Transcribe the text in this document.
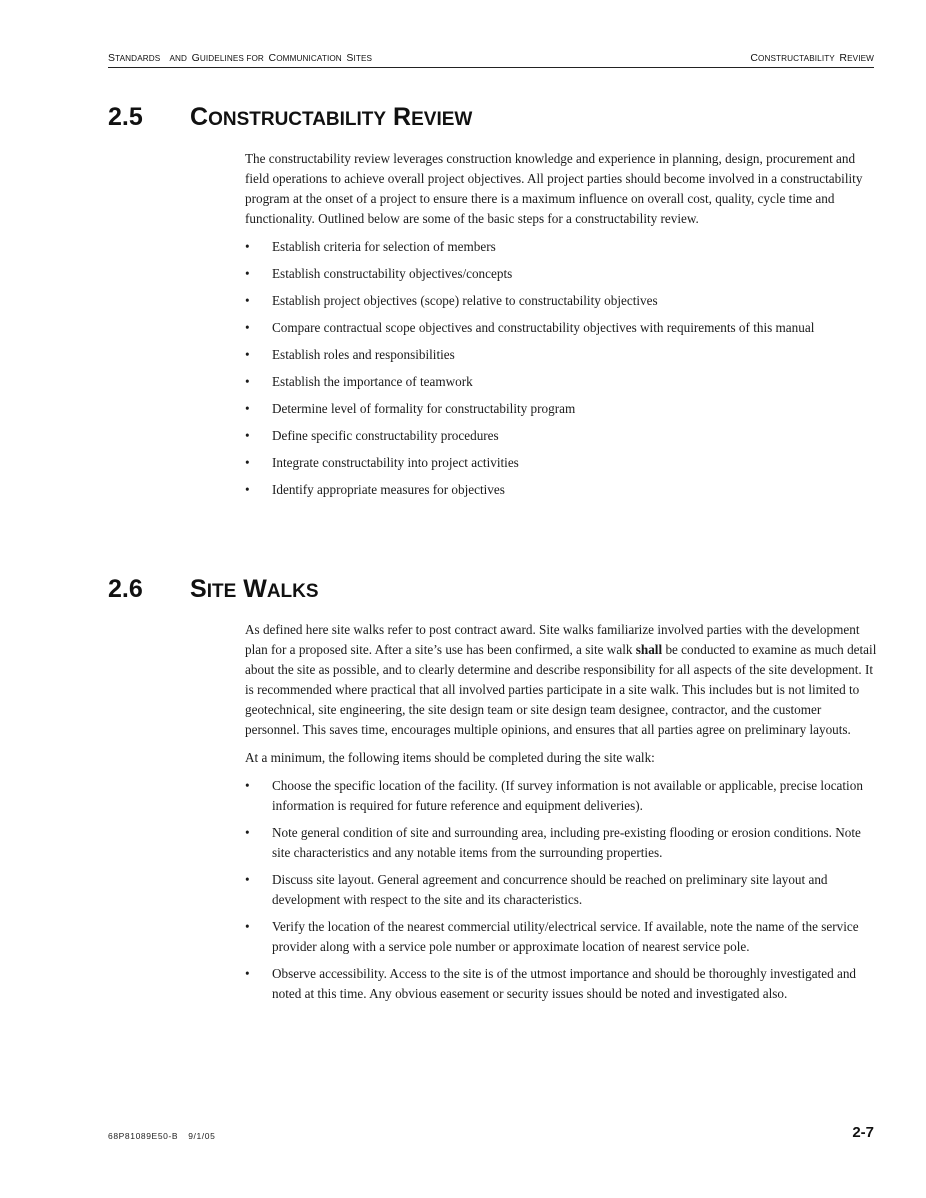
STANDARDS AND GUIDELINES FOR COMMUNICATION SITES	CONSTRUCTABILITY REVIEW
2.5 CONSTRUCTABILITY REVIEW

The constructability review leverages construction knowledge and experience in planning, design, procurement and field operations to achieve overall project objectives. All project parties should become involved in a constructability program at the onset of a project to ensure there is a maximum influence on overall cost, quality, cycle time and functionality. Outlined below are some of the basic steps for a constructability review.

• Establish criteria for selection of members
• Establish constructability objectives/concepts
• Establish project objectives (scope) relative to constructability objectives
• Compare contractual scope objectives and constructability objectives with requirements of this manual
• Establish roles and responsibilities
• Establish the importance of teamwork
• Determine level of formality for constructability program
• Define specific constructability procedures
• Integrate constructability into project activities
• Identify appropriate measures for objectives
2.6 SITE WALKS

As defined here site walks refer to post contract award. Site walks familiarize involved parties with the development plan for a proposed site. After a site’s use has been confirmed, a site walk shall be conducted to examine as much detail about the site as possible, and to clearly determine and describe responsibility for all aspects of the site development. It is recommended where practical that all involved parties participate in a site walk. This includes but is not limited to geotechnical, site engineering, the site design team or site design team designee, contractor, and the customer personnel. This saves time, encourages multiple opinions, and ensures that all parties agree on preliminary layouts.

At a minimum, the following items should be completed during the site walk:

• Choose the specific location of the facility. (If survey information is not available or applicable, precise location information is required for future reference and equipment deliveries).
• Note general condition of site and surrounding area, including pre-existing flooding or erosion conditions. Note site characteristics and any notable items from the surrounding properties.
• Discuss site layout. General agreement and concurrence should be reached on preliminary site layout and development with respect to the site and its characteristics.
• Verify the location of the nearest commercial utility/electrical service. If available, note the name of the service provider along with a service pole number or approximate location of nearest service pole.
• Observe accessibility. Access to the site is of the utmost importance and should be thoroughly investigated and noted at this time. Any obvious easement or security issues should be noted and investigated also.
68P81089E50-B 9/1/05	2-7
